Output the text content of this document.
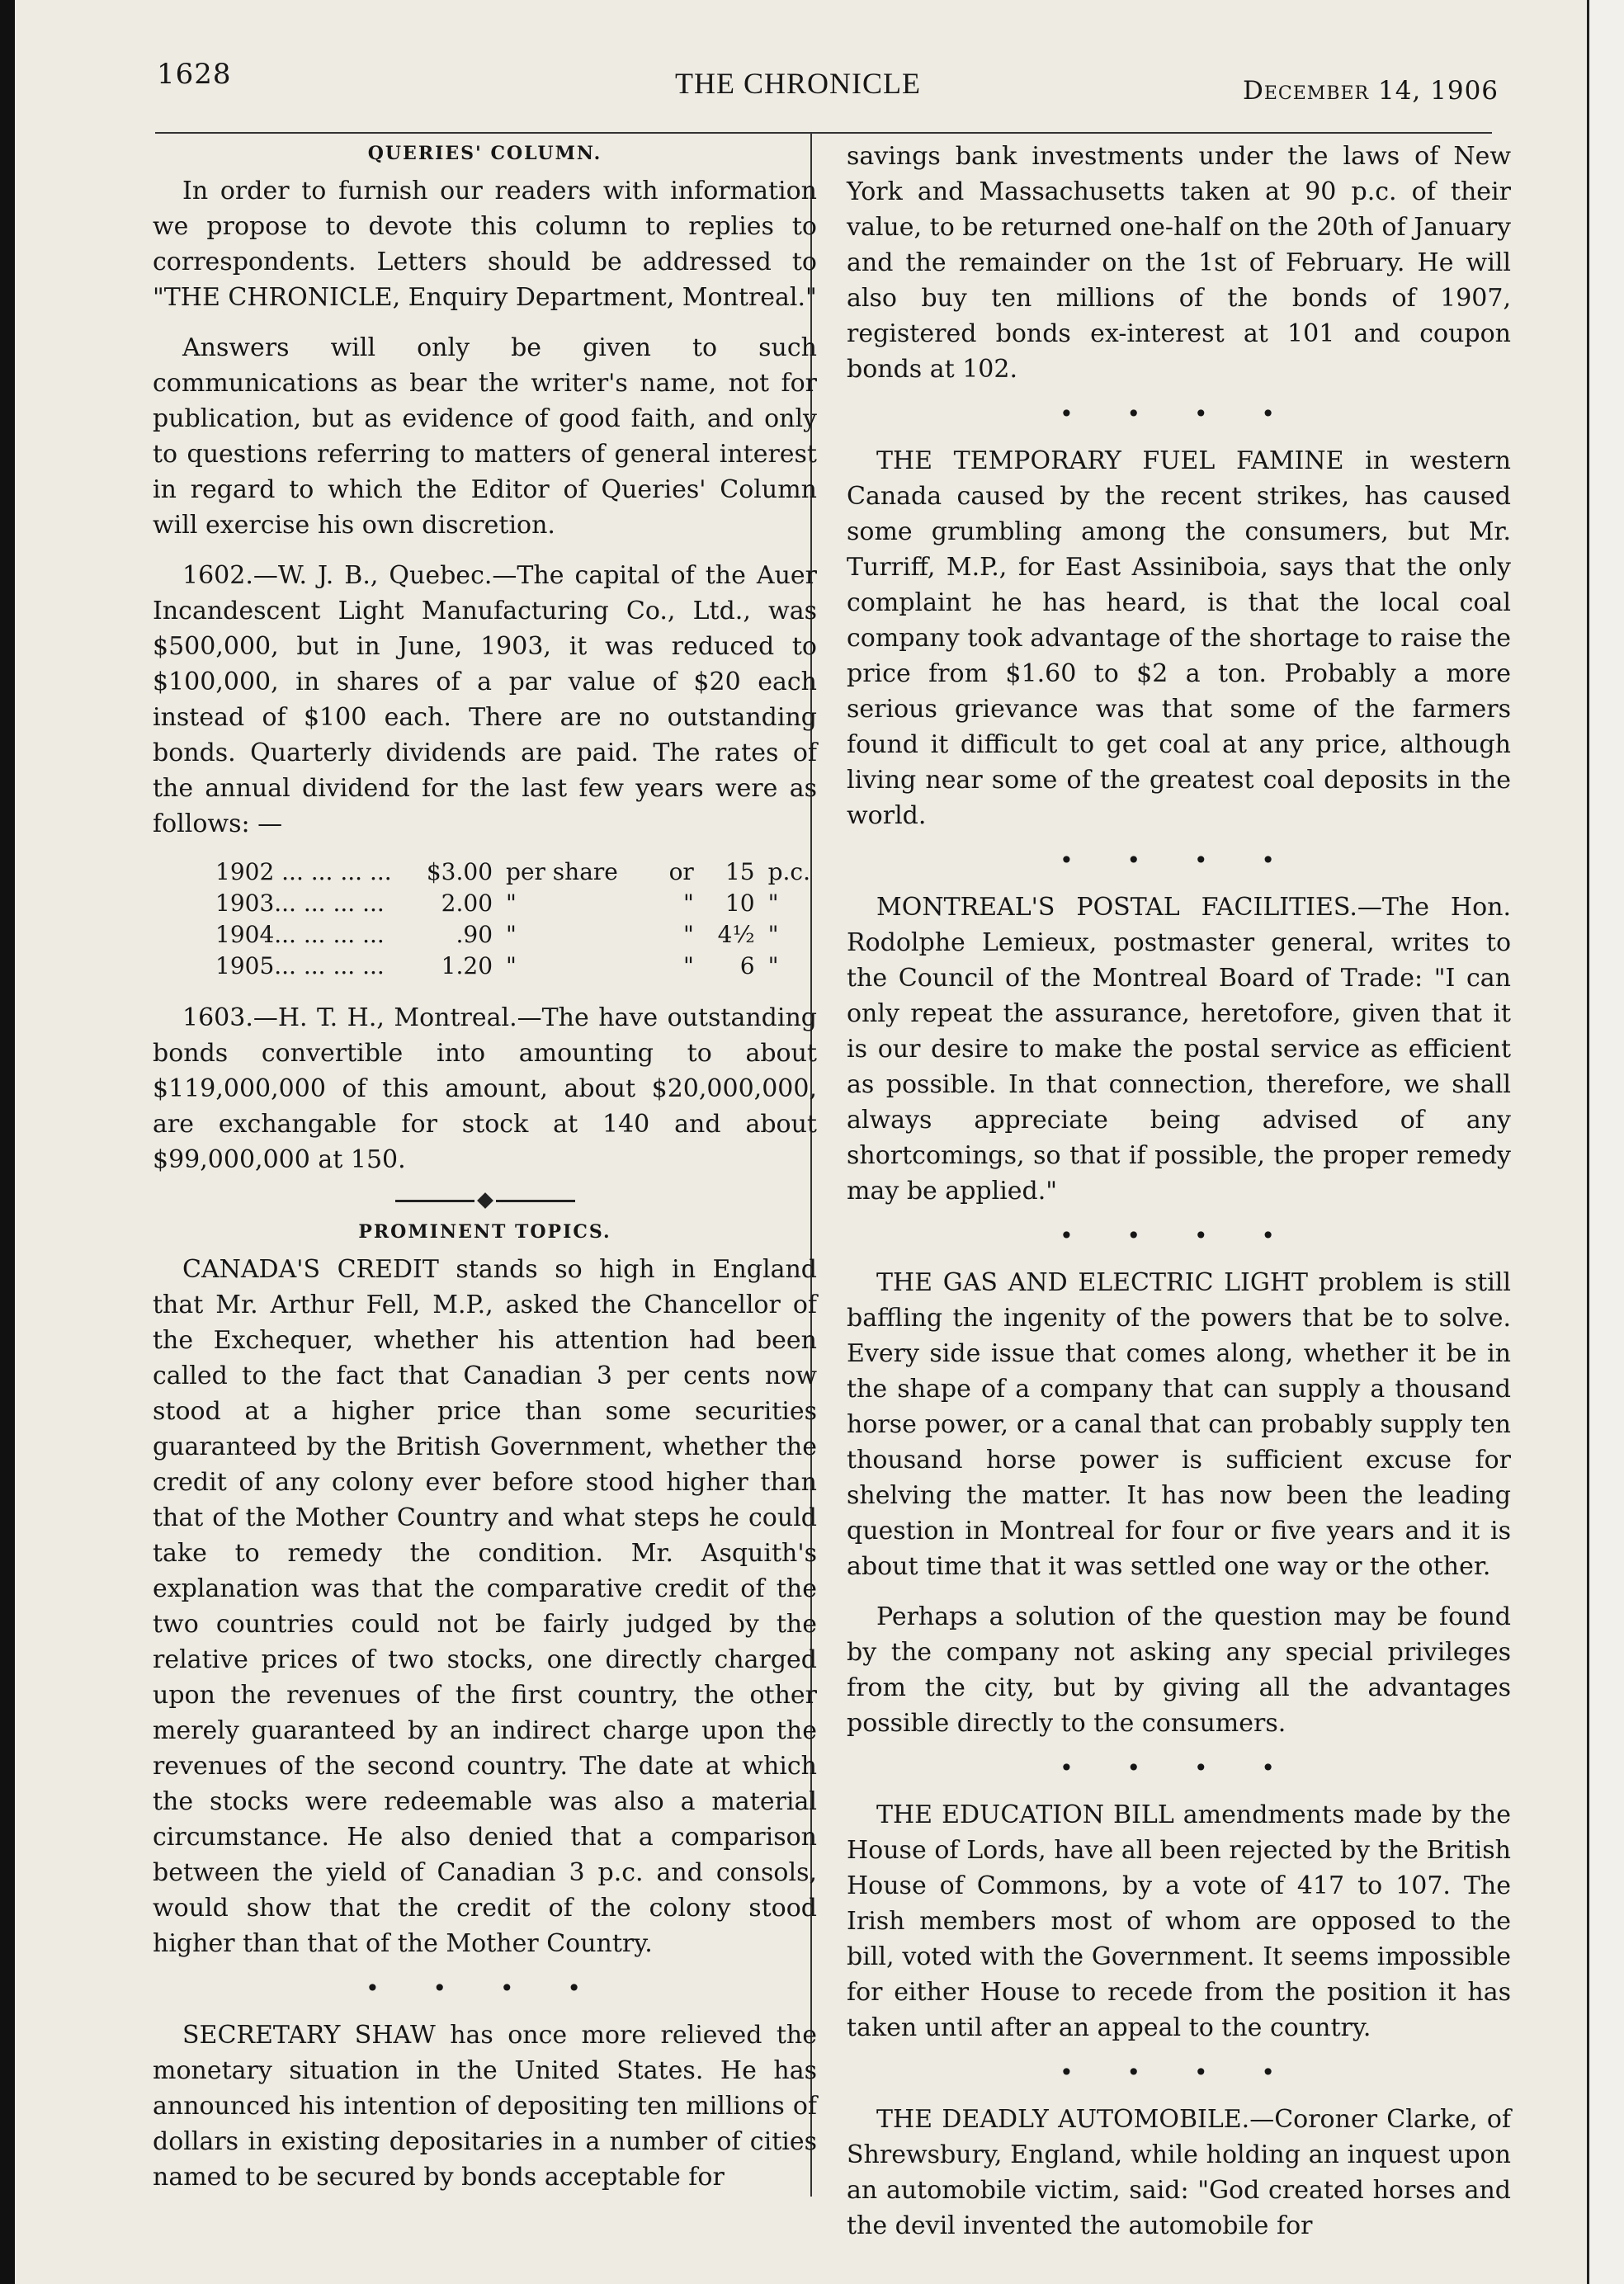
1628	THE CHRONICLE	December 14, 1906
QUERIES' COLUMN.

In order to furnish our readers with information we propose to devote this column to replies to correspondents. Letters should be addressed to "THE CHRONICLE, Enquiry Department, Montreal."

Answers will only be given to such communications as bear the writer's name, not for publication, but as evidence of good faith, and only to questions referring to matters of general interest in regard to which the Editor of Queries' Column will exercise his own discretion.

1602.—W. J. B., Quebec.—The capital of the Auer Incandescent Light Manufacturing Co., Ltd., was $500,000, but in June, 1903, it was reduced to $100,000, in shares of a par value of $20 each instead of $100 each. There are no outstanding bonds. Quarterly dividends are paid. The rates of the annual dividend for the last few years were as follows: —

1902 ... ... ... ...	$3.00	per share	or	15	p.c.
1903... ... ... ...	2.00	"	"	10	"
1904... ... ... ...	.90	"	"	4½	"
1905... ... ... ...	1.20	"	"	6	"

1603.—H. T. H., Montreal.—The have outstanding bonds convertible into amounting to about $119,000,000 of this amount, about $20,000,000, are exchangable for stock at 140 and about $99,000,000 at 150.

PROMINENT TOPICS.

CANADA'S CREDIT stands so high in England that Mr. Arthur Fell, M.P., asked the Chancellor of the Exchequer, whether his attention had been called to the fact that Canadian 3 per cents now stood at a higher price than some securities guaranteed by the British Government, whether the credit of any colony ever before stood higher than that of the Mother Country and what steps he could take to remedy the condition. Mr. Asquith's explanation was that the comparative credit of the two countries could not be fairly judged by the relative prices of two stocks, one directly charged upon the revenues of the first country, the other merely guaranteed by an indirect charge upon the revenues of the second country. The date at which the stocks were redeemable was also a material circumstance. He also denied that a comparison between the yield of Canadian 3 p.c. and consols, would show that the credit of the colony stood higher than that of the Mother Country.

• • • •

SECRETARY SHAW has once more relieved the monetary situation in the United States. He has announced his intention of depositing ten millions of dollars in existing depositaries in a number of cities named to be secured by bonds acceptable for

savings bank investments under the laws of New York and Massachusetts taken at 90 p.c. of their value, to be returned one-half on the 20th of January and the remainder on the 1st of February. He will also buy ten millions of the bonds of 1907, registered bonds ex-interest at 101 and coupon bonds at 102.

• • • •

THE TEMPORARY FUEL FAMINE in western Canada caused by the recent strikes, has caused some grumbling among the consumers, but Mr. Turriff, M.P., for East Assiniboia, says that the only complaint he has heard, is that the local coal company took advantage of the shortage to raise the price from $1.60 to $2 a ton. Probably a more serious grievance was that some of the farmers found it difficult to get coal at any price, although living near some of the greatest coal deposits in the world.

• • • •

MONTREAL'S POSTAL FACILITIES.—The Hon. Rodolphe Lemieux, postmaster general, writes to the Council of the Montreal Board of Trade: "I can only repeat the assurance, heretofore, given that it is our desire to make the postal service as efficient as possible. In that connection, therefore, we shall always appreciate being advised of any shortcomings, so that if possible, the proper remedy may be applied."

• • • •

THE GAS AND ELECTRIC LIGHT problem is still baffling the ingenity of the powers that be to solve. Every side issue that comes along, whether it be in the shape of a company that can supply a thousand horse power, or a canal that can probably supply ten thousand horse power is sufficient excuse for shelving the matter. It has now been the leading question in Montreal for four or five years and it is about time that it was settled one way or the other.

Perhaps a solution of the question may be found by the company not asking any special privileges from the city, but by giving all the advantages possible directly to the consumers.

• • • •

THE EDUCATION BILL amendments made by the House of Lords, have all been rejected by the British House of Commons, by a vote of 417 to 107. The Irish members most of whom are opposed to the bill, voted with the Government. It seems impossible for either House to recede from the position it has taken until after an appeal to the country.

• • • •

THE DEADLY AUTOMOBILE.—Coroner Clarke, of Shrewsbury, England, while holding an inquest upon an automobile victim, said: "God created horses and the devil invented the automobile for
